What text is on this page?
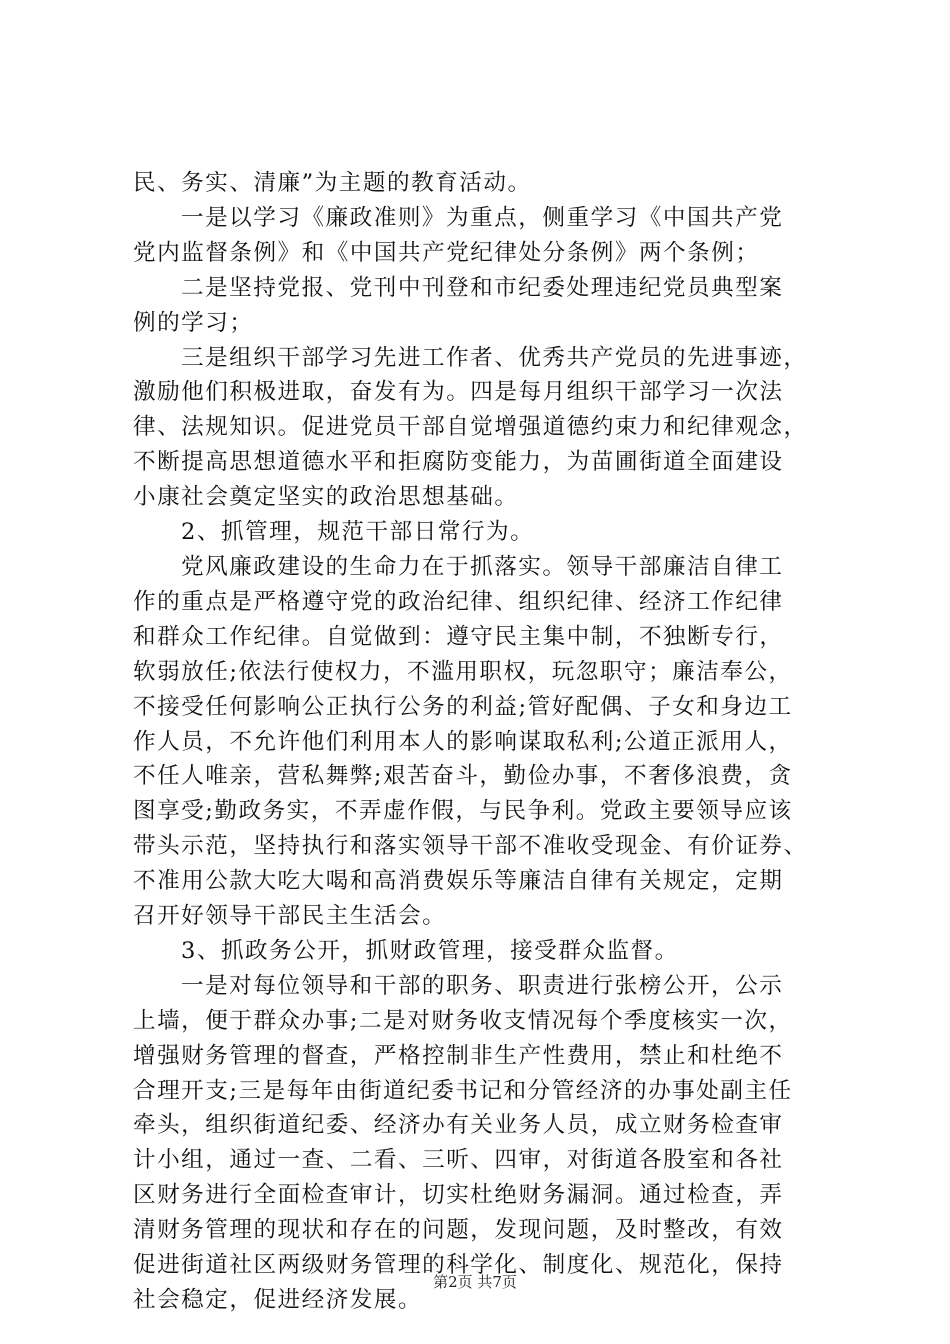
民、务实、清廉”为主题的教育活动。
一是以学习《廉政准则》为重点，侧重学习《中国共产党
党内监督条例》和《中国共产党纪律处分条例》两个条例；
二是坚持党报、党刊中刊登和市纪委处理违纪党员典型案
例的学习；
三是组织干部学习先进工作者、优秀共产党员的先进事迹，
激励他们积极进取，奋发有为。四是每月组织干部学习一次法
律、法规知识。促进党员干部自觉增强道德约束力和纪律观念，
不断提高思想道德水平和拒腐防变能力，为苗圃街道全面建设
小康社会奠定坚实的政治思想基础。
2、抓管理，规范干部日常行为。
党风廉政建设的生命力在于抓落实。领导干部廉洁自律工
作的重点是严格遵守党的政治纪律、组织纪律、经济工作纪律
和群众工作纪律。自觉做到：遵守民主集中制，不独断专行，
软弱放任;依法行使权力，不滥用职权，玩忽职守；廉洁奉公，
不接受任何影响公正执行公务的利益;管好配偶、子女和身边工
作人员，不允许他们利用本人的影响谋取私利;公道正派用人，
不任人唯亲，营私舞弊;艰苦奋斗，勤俭办事，不奢侈浪费，贪
图享受;勤政务实，不弄虚作假，与民争利。党政主要领导应该
带头示范，坚持执行和落实领导干部不准收受现金、有价证券、
不准用公款大吃大喝和高消费娱乐等廉洁自律有关规定，定期
召开好领导干部民主生活会。
3、抓政务公开，抓财政管理，接受群众监督。
一是对每位领导和干部的职务、职责进行张榜公开，公示
上墙，便于群众办事;二是对财务收支情况每个季度核实一次，
增强财务管理的督查，严格控制非生产性费用，禁止和杜绝不
合理开支;三是每年由街道纪委书记和分管经济的办事处副主任
牵头，组织街道纪委、经济办有关业务人员，成立财务检查审
计小组，通过一查、二看、三听、四审，对街道各股室和各社
区财务进行全面检查审计，切实杜绝财务漏洞。通过检查，弄
清财务管理的现状和存在的问题，发现问题，及时整改，有效
促进街道社区两级财务管理的科学化、制度化、规范化，保持
社会稳定，促进经济发展。
第2页 共7页
